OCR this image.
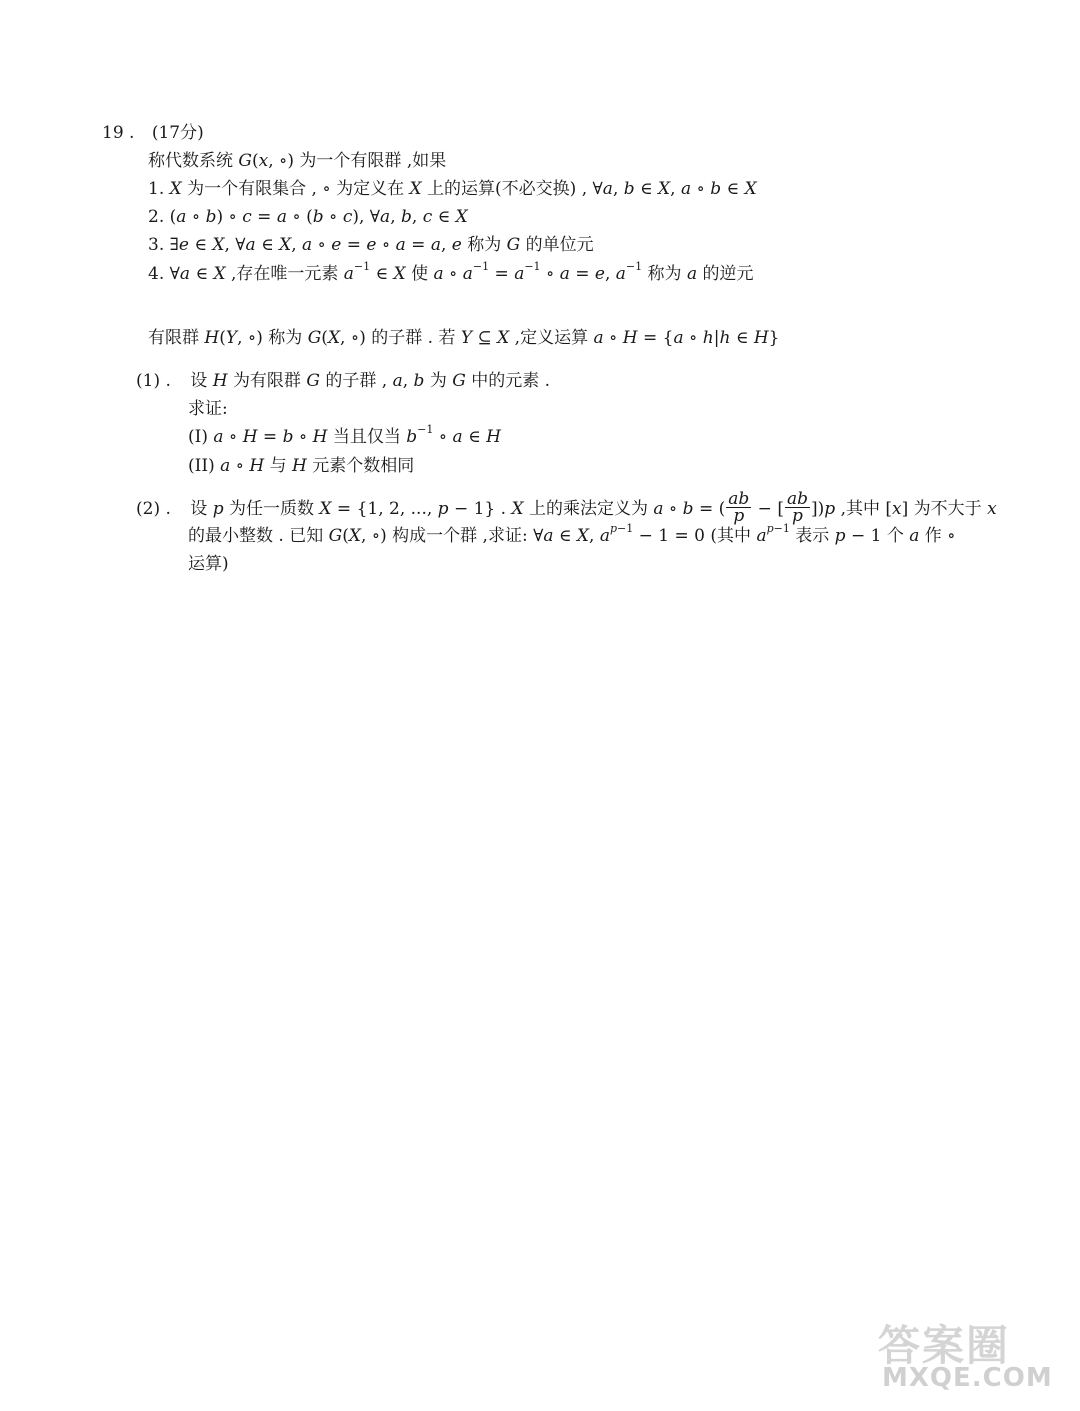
19 . (17分)
称代数系统 G(x, ∘) 为一个有限群 ,如果
1. X 为一个有限集合 , ∘ 为定义在 X 上的运算(不必交换) , ∀a, b ∈ X, a ∘ b ∈ X
2. (a ∘ b) ∘ c = a ∘ (b ∘ c), ∀a, b, c ∈ X
3. ∃e ∈ X, ∀a ∈ X, a ∘ e = e ∘ a = a, e 称为 G 的单位元
4. ∀a ∈ X ,存在唯一元素 $a^{-1}$ ∈ X 使 a ∘ $a^{-1} = a^{-1}$ ∘ a = e, $a^{-1}$ 称为 a 的逆元
有限群 H(Y, ∘) 称为 G(X, ∘) 的子群 . 若 Y ⊆ X ,定义运算 a ∘ H = {a ∘ h|h ∈ H}
(1) . 设 H 为有限群 G 的子群 , a, b 为 G 中的元素 .
求证:
(I) a ∘ H = b ∘ H 当且仅当 $b^{-1}$ ∘ a ∈ H
(II) a ∘ H 与 H 元素个数相同
(2) . 设 p 为任一质数 X = {1, 2, ..., p − 1} . X 上的乘法定义为 a ∘ b = ( $\frac{ab}{p}$ − [ $\frac{ab}{p} ])p$ ,其中 [x] 为不大于 x
的最小整数 . 已知 G(X, ∘) 构成一个群 ,求证: ∀a ∈ X, $a^{p-1} - 1 = 0$ (其中 $a^{p-1}$ 表示 p − 1 个 a 作 ∘
运算)
答案圈
MXQE.COM
